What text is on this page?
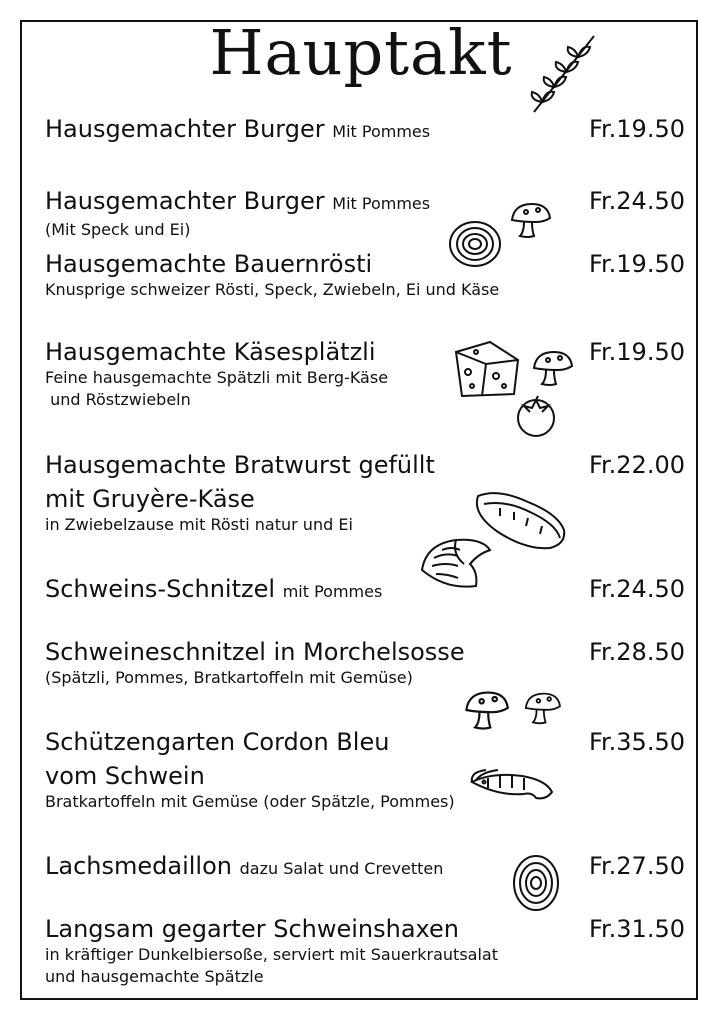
Hauptakt
Hausgemachter Burger Mit Pommes	Fr.19.50
Hausgemachter Burger Mit Pommes
(Mit Speck und Ei)
Fr.24.50
Hausgemachte Bauernrösti
Knusprige schweizer Rösti, Speck, Zwiebeln, Ei und Käse
Fr.19.50
Hausgemachte Käsesplätzli
Feine hausgemachte Spätzli mit Berg-Käse
und Röstzwiebeln
Fr.19.50
Hausgemachte Bratwurst gefüllt
mit Gruyère-Käse
in Zwiebelzause mit Rösti natur und Ei
Fr.22.00
Schweins-Schnitzel mit Pommes	Fr.24.50
Schweineschnitzel in Morchelsosse
(Spätzli, Pommes, Bratkartoffeln mit Gemüse)
Fr.28.50
Schützengarten Cordon Bleu
vom Schwein
Bratkartoffeln mit Gemüse (oder Spätzle, Pommes)
Fr.35.50
Lachsmedaillon dazu Salat und Crevetten	Fr.27.50
Langsam gegarter Schweinshaxen
in kräftiger Dunkelbiersoße, serviert mit Sauerkrautsalat
und hausgemachte Spätzle
Fr.31.50
